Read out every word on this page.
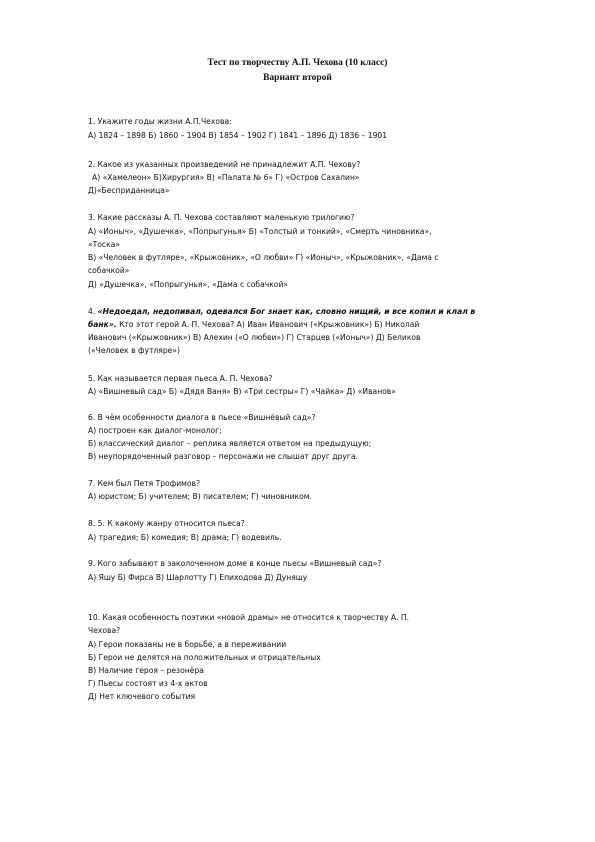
Тест по творчеству А.П. Чехова (10 класс)
Вариант второй
1. Укажите годы жизни А.П.Чехова:
А) 1824 – 1898 Б) 1860 – 1904 В) 1854 – 1902 Г) 1841 – 1896 Д) 1836 – 1901
2. Какое из указанных произведений не принадлежит А.П. Чехову?
А) «Хамелеон» Б)Хирургия» В) «Палата № 6» Г) «Остров Сахалин»
Д)«Бесприданница»
3. Какие рассказы А. П. Чехова составляют маленькую трилогию?
А) «Ионыч», «Душечка», «Попрыгунья» Б) «Толстый и тонкий», «Смерть чиновника»,
«Тоска»
В) «Человек в футляре», «Крыжовник», «О любви» Г) «Ионыч», «Крыжовник», «Дама с
собачкой»
Д) «Душечка», «Попрыгунья», «Дама с собачкой»
4. «Недоедал, недопивал, одевался Бог знает как, словно нищий, и все копил и клал в
банк». Кто этот герой А. П. Чехова? А) Иван Иванович («Крыжовник») Б) Николай
Иванович («Крыжовник») В) Алехин («О любви») Г) Старцев («Ионыч») Д) Беликов
(«Человек в футляре»)
5. Как называется первая пьеса А. П. Чехова?
А) «Вишневый сад» Б) «Дядя Ваня» В) «Три сестры» Г) «Чайка» Д) «Иванов»
6. В чём особенности диалога в пьесе «Вишнёвый сад»?
А) построен как диалог-монолог;
Б) классический диалог – реплика является ответом на предыдущую;
В) неупорядоченный разговор – персонажи не слышат друг друга.
7. Кем был Петя Трофимов?
А) юристом; Б) учителем; В) писателем; Г) чиновником.
8. 5. К какому жанру относится пьеса?
А) трагедия; Б) комедия; В) драма; Г) водевиль.
9. Кого забывают в заколоченном доме в конце пьесы «Вишневый сад»?
А) Яшу Б) Фирса В) Шарлотту Г) Епиходова Д) Дуняшу
10. Какая особенность поэтики «новой драмы» не относится к творчеству А. П.
Чехова?
А) Герои показаны не в борьбе, а в переживании
Б) Герои не делятся на положительных и отрицательных
В) Наличие героя – резонёра
Г) Пьесы состоят из 4-х актов
Д) Нет ключевого события
